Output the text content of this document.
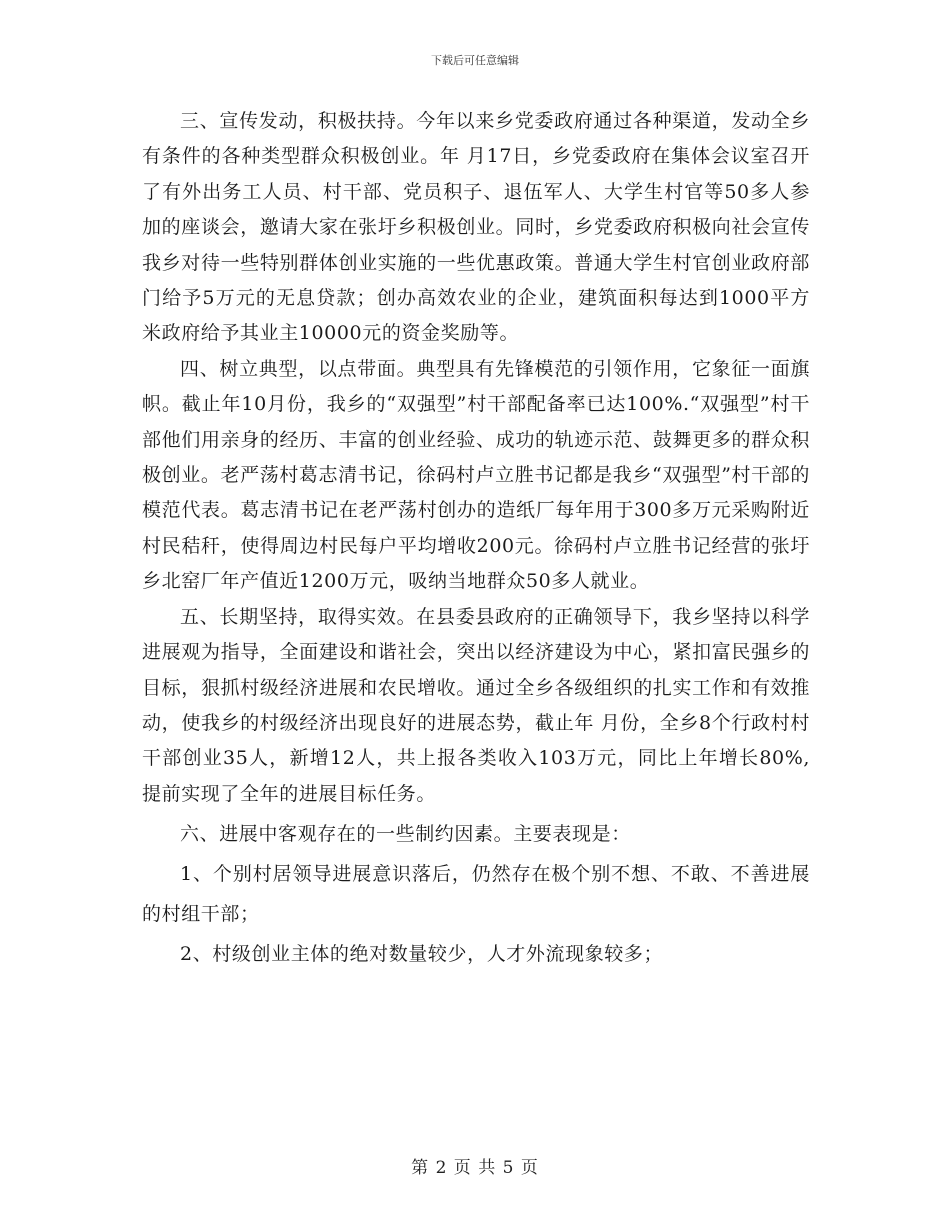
下载后可任意编辑

三、宣传发动，积极扶持。今年以来乡党委政府通过各种渠道，发动全乡有条件的各种类型群众积极创业。年 月17日，乡党委政府在集体会议室召开了有外出务工人员、村干部、党员积子、退伍军人、大学生村官等50多人参加的座谈会，邀请大家在张圩乡积极创业。同时，乡党委政府积极向社会宣传我乡对待一些特别群体创业实施的一些优惠政策。普通大学生村官创业政府部门给予5万元的无息贷款；创办高效农业的企业，建筑面积每达到1000平方米政府给予其业主10000元的资金奖励等。

四、树立典型，以点带面。典型具有先锋模范的引领作用，它象征一面旗帜。截止年10月份，我乡的“双强型”村干部配备率已达100%.“双强型”村干部他们用亲身的经历、丰富的创业经验、成功的轨迹示范、鼓舞更多的群众积极创业。老严荡村葛志清书记，徐码村卢立胜书记都是我乡“双强型”村干部的模范代表。葛志清书记在老严荡村创办的造纸厂每年用于300多万元采购附近村民秸秆，使得周边村民每户平均增收200元。徐码村卢立胜书记经营的张圩乡北窑厂年产值近1200万元，吸纳当地群众50多人就业。

五、长期坚持，取得实效。在县委县政府的正确领导下，我乡坚持以科学进展观为指导，全面建设和谐社会，突出以经济建设为中心，紧扣富民强乡的目标，狠抓村级经济进展和农民增收。通过全乡各级组织的扎实工作和有效推动，使我乡的村级经济出现良好的进展态势，截止年 月份，全乡8个行政村村干部创业35人，新增12人，共上报各类收入103万元，同比上年增长80%,提前实现了全年的进展目标任务。

六、进展中客观存在的一些制约因素。主要表现是：

1、个别村居领导进展意识落后，仍然存在极个别不想、不敢、不善进展的村组干部；

2、村级创业主体的绝对数量较少，人才外流现象较多；

第 2 页 共 5 页
